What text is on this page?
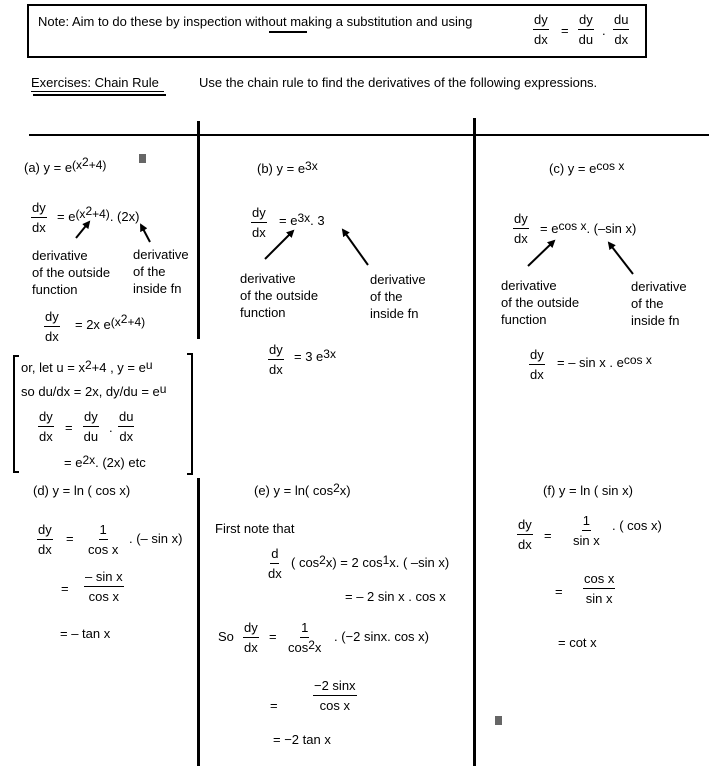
Note: Aim to do these by inspection without making a substitution and using	$\frac{dy}{dx} = \frac{dy}{du}$ . $\frac{du}{dx}$
Exercises: Chain Rule	Use the chain rule to find the derivatives of the following expressions.
(a) $y = e^{(x^2+4)}$
$\frac{dy}{dx} = e^{(x^2+4)}$. (2x)
derivative
of the outside
function
derivative
of the
inside fn
$\frac{dy}{dx} = 2x$ $e^{(x^2+4)}$
or, let $u = x^2+4$ , $y = e^u$
so du/dx = 2x, $dy/du = e^u$
$\frac{dy}{dx} = \frac{dy}{du}$ . $\frac{du}{dx}$
= $e^{2x}$. (2x) etc
(b) $y = e^{3x}$
$\frac{dy}{dx} = e^{3x}$. 3
derivative
of the outside
function
derivative
of the
inside fn
$\frac{dy}{dx} = 3$ $e^{3x}$
(c) $y = e^{cos x}$
$\frac{dy}{dx} = e^{cos x}$. (–sin x)
derivative
of the outside
function
derivative
of the
inside fn
$\frac{dy}{dx}$ = – sin x . $e^{cos x}$
(d) y = ln ( cos x)
$\frac{dy}{dx} = \frac{1}{\text{cos x}}$ . (– sin x)
= $\frac{\text{– sin x}}{\text{cos x}}$
= – tan x
(e) y = ln( $\cos^2x$)
First note that
$\frac{d}{dx}$ ( $\cos^2x) = 2$ $\cos^1x$. ( –sin x)
= – 2 sin x . cos x
So $\frac{dy}{dx} = \frac{1}{\cos^2x}$ . (−2 sinx. cos x)
=	$\frac{-2 \sin x}{\text{cos x}}$
= −2 tan x
(f) y = ln ( sin x)
$\frac{dy}{dx} = \frac{1}{\text{sin x}}$ . ( cos x)
= $\frac{\text{cos x}}{\text{sin x}}$
= cot x
